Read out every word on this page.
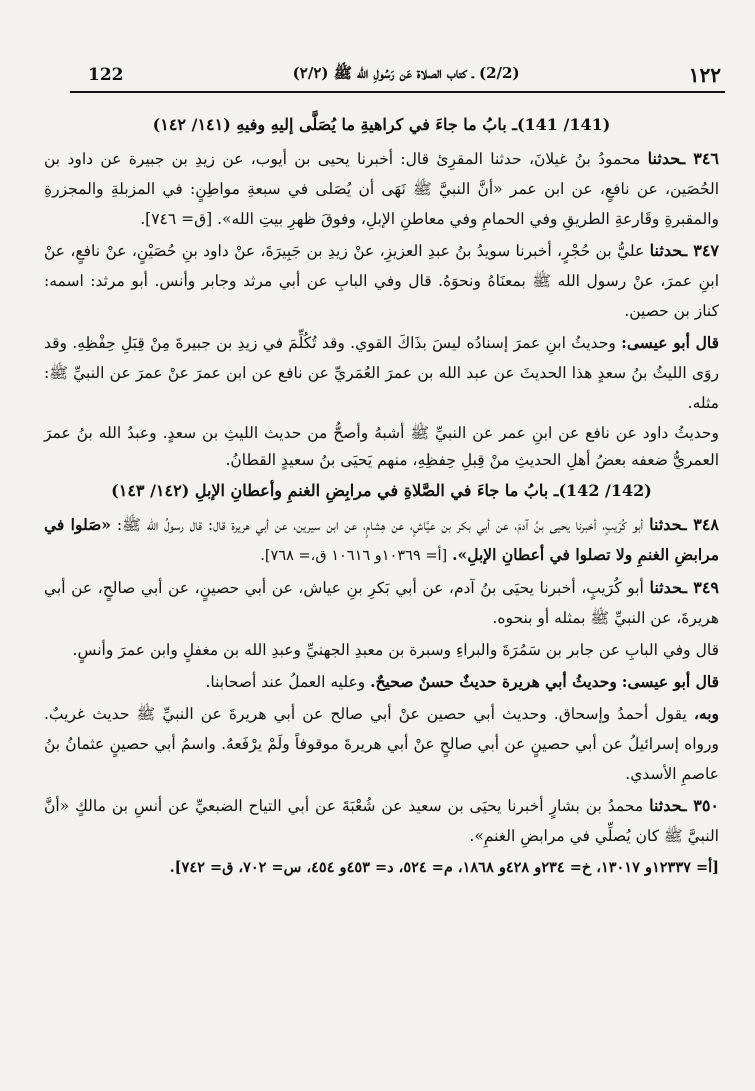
122	(2/2) ـ كتاب الصلاة عَن رَسُولِ الله ﷺ (٢/٢)	١٢٢

(141/ 141)ـ بابُ ما جاءَ في كراهيةِ ما يُصَلَّى إليهِ وفيهِ (١٤١/ ١٤٢)

٣٤٦ ـحدثنا محمودُ بنُ غيلانَ، حدثنا المقرِئ قال: أخبرنا يحيى بن أيوب، عن زيدِ بن جبيرة عن داود بن الحُصَين، عن نافعٍ، عن ابن عمر «أنَّ النبيَّ ﷺ نَهَى أن يُصَلى في سبعةِ مواطِنٍ: في المزبلةِ والمجزرةِ والمقبرةِ وقَارعةِ الطريقِ وفي الحمامِ وفي معاطنِ الإبلِ، وفوقَ ظهرِ بيتِ الله». [ق= ٧٤٦].

٣٤٧ ـحدثنا عليُّ بن حُجْرٍ، أخبرنا سويدُ بنُ عبدِ العزيزِ، عنْ زيدِ بن جَبِيرَةَ، عنْ داود بنِ حُصَيْنٍ، عنْ نافعٍ، عنْ ابنِ عمرَ، عنْ رسول الله ﷺ بمعنَاهُ ونحوَهُ. قال وفي البابِ عن أبي مرثد وجابر وأنس. أبو مرثد: اسمه: كناز بن حصين.

قال أبو عيسى: وحديثُ ابنِ عمرَ إسنادُه ليسَ بذَاكَ القوي. وقد تُكُلِّمَ في زيدِ بن جبيرةَ مِنْ قِبَلِ حِفْظِهِ. وقد روَى الليثُ بنُ سعدٍ هذا الحديثَ عن عبد الله بن عمرَ العُمَريِّ عن نافع عن ابن عمرَ عنْ عمرَ عن النبيِّ ﷺ: مثله.

وحديثُ داود عن نافع عن ابنِ عمر عن النبيِّ ﷺ أشبهُ وأصحُّ من حديث الليثِ بن سعدٍ. وعبدُ الله بنُ عمرَ العمريُّ ضعفه بعضُ أهلِ الحديثِ منْ قِبلِ حِفظِهِ، منهم يَحيَى بنُ سعيدٍ القطانُ.

(142/ 142)ـ بابُ ما جاءَ في الصَّلاةِ في مرابِضِ الغنمِ وأعطانِ الإبلِ (١٤٢/ ١٤٣)

٣٤٨ ـحدثنا أبو كُرَيبٍ، أخبرنا يحيى بنُ آدمَ، عن أبي بكر بن عيَّاشٍ، عن هِشامٍ، عن ابن سيرين، عن أبي هريرة قال: قال رسولُ الله ﷺ: «صَلوا في مرابضِ الغنمِ ولا تصلوا في أعطانِ الإبلِ». [أ= ١٠٣٦٩و ١٠٦١٦ ق،= ٧٦٨].

٣٤٩ ـحدثنا أبو كُرَيبٍ، أخبرنا يحيَى بنُ آدم، عن أبي بَكرِ بنِ عياش، عن أبي حصينٍ، عن أبي صالحٍ، عن أبي هريرةَ، عن النبيِّ ﷺ بمثله أو بنحوه.

قال وفي البابِ عن جابر بن سَمُرَةَ والبراءِ وسبرة بن معبدِ الجهنيِّ وعبدِ الله بن مغفلٍ وابن عمرَ وأنسٍ.

قال أبو عيسى: وحديثُ أبي هريرة حديثٌ حسنٌ صحيحٌ. وعليه العملُ عند أصحابنا.

وبه، يقول أحمدُ وإسحاق. وحديث أبي حصين عنْ أبي صالح عن أبي هريرةَ عن النبيِّ ﷺ حديث غريبٌ. ورواه إسرائيلُ عن أبي حصينٍ عن أبي صالحٍ عنْ أبي هريرةَ موقوفاً ولَمْ يرْفَعهُ. واسمُ أبي حصينٍ عثمانُ بنُ عاصمِ الأسدي.

٣٥٠ ـحدثنا محمدُ بن بشارٍ أخبرنا يحيَى بن سعيد عن شُعْبَةَ عن أبي التياح الضبعيِّ عن أنسِ بن مالكٍ «أنَّ النبيَّ ﷺ كان يُصلِّي في مرابضِ الغنمِ».

[أ= ١٢٣٣٧و ١٣٠١٧، خ= ٢٣٤و ٤٢٨و ١٨٦٨، م= ٥٢٤، د= ٤٥٣و ٤٥٤، س= ٧٠٢، ق= ٧٤٢].
